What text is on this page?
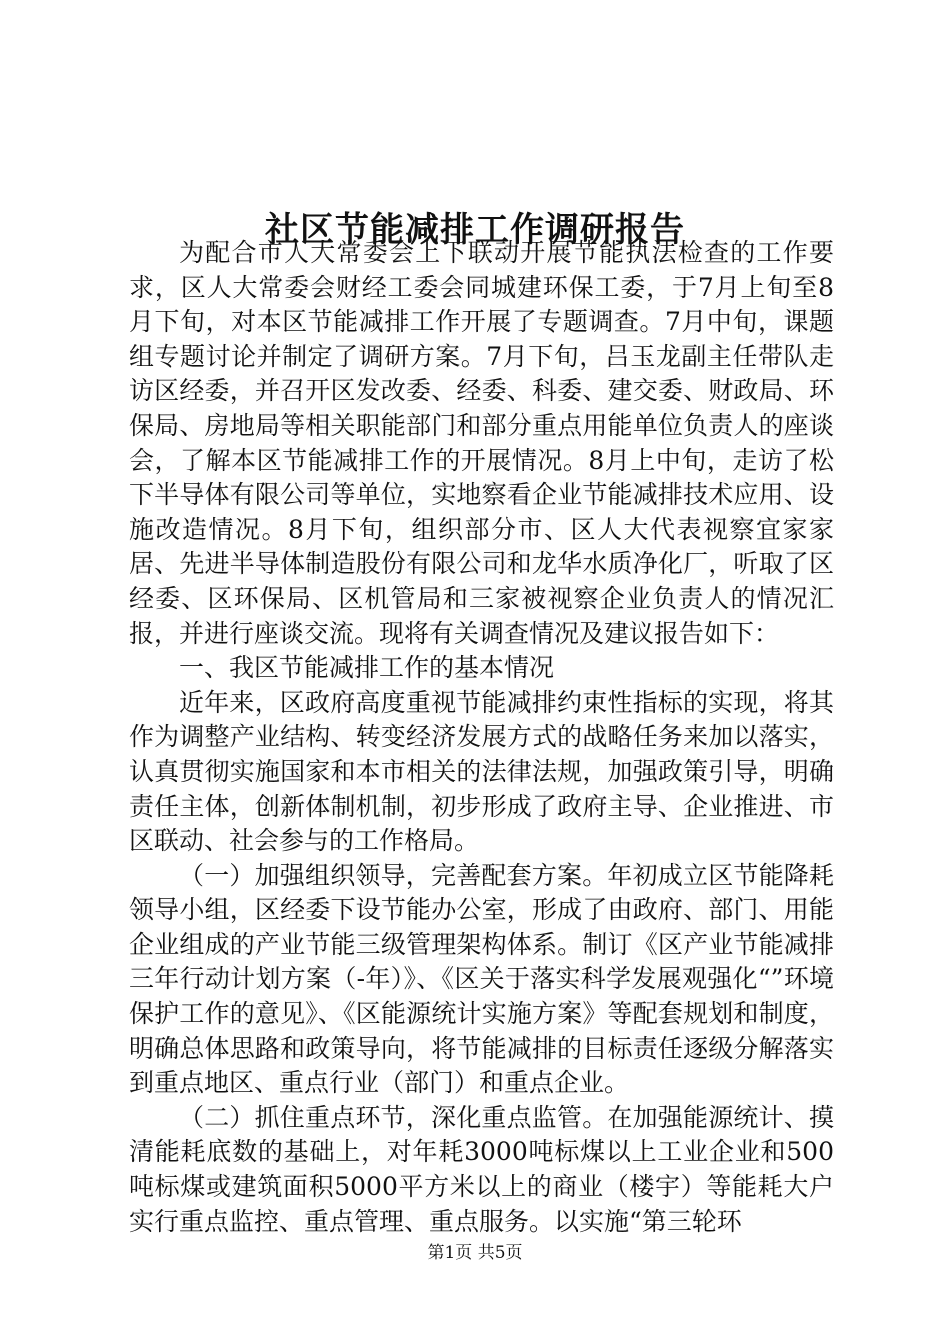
社区节能减排工作调研报告

为配合市人大常委会上下联动开展节能执法检查的工作要求，区人大常委会财经工委会同城建环保工委，于7月上旬至8月下旬，对本区节能减排工作开展了专题调查。7月中旬，课题组专题讨论并制定了调研方案。7月下旬，吕玉龙副主任带队走访区经委，并召开区发改委、经委、科委、建交委、财政局、环保局、房地局等相关职能部门和部分重点用能单位负责人的座谈会，了解本区节能减排工作的开展情况。8月上中旬，走访了松下半导体有限公司等单位，实地察看企业节能减排技术应用、设施改造情况。8月下旬，组织部分市、区人大代表视察宜家家居、先进半导体制造股份有限公司和龙华水质净化厂，听取了区经委、区环保局、区机管局和三家被视察企业负责人的情况汇报，并进行座谈交流。现将有关调查情况及建议报告如下：

一、我区节能减排工作的基本情况

近年来，区政府高度重视节能减排约束性指标的实现，将其作为调整产业结构、转变经济发展方式的战略任务来加以落实，认真贯彻实施国家和本市相关的法律法规，加强政策引导，明确责任主体，创新体制机制，初步形成了政府主导、企业推进、市区联动、社会参与的工作格局。

（一）加强组织领导，完善配套方案。年初成立区节能降耗领导小组，区经委下设节能办公室，形成了由政府、部门、用能企业组成的产业节能三级管理架构体系。制订《区产业节能减排三年行动计划方案（-年）》、《区关于落实科学发展观强化“”环境保护工作的意见》、《区能源统计实施方案》等配套规划和制度，明确总体思路和政策导向，将节能减排的目标责任逐级分解落实到重点地区、重点行业（部门）和重点企业。

（二）抓住重点环节，深化重点监管。在加强能源统计、摸清能耗底数的基础上，对年耗3000吨标煤以上工业企业和500吨标煤或建筑面积5000平方米以上的商业（楼宇）等能耗大户实行重点监控、重点管理、重点服务。以实施“第三轮环

第1页 共5页
